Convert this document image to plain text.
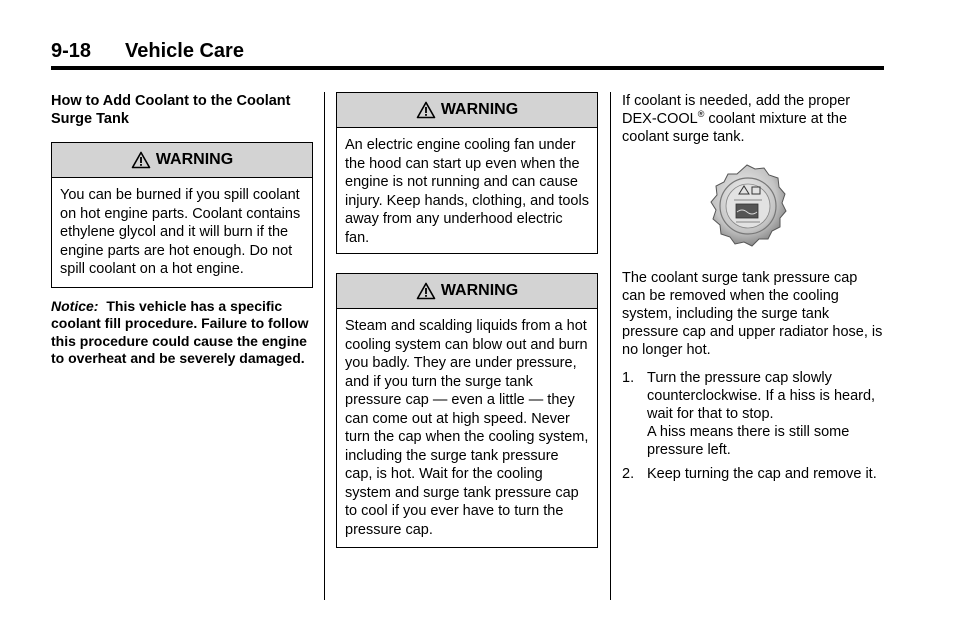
9-18 Vehicle Care
How to Add Coolant to the Coolant Surge Tank
WARNING
You can be burned if you spill coolant on hot engine parts. Coolant contains ethylene glycol and it will burn if the engine parts are hot enough. Do not spill coolant on a hot engine.
Notice: This vehicle has a specific coolant fill procedure. Failure to follow this procedure could cause the engine to overheat and be severely damaged.
WARNING
An electric engine cooling fan under the hood can start up even when the engine is not running and can cause injury. Keep hands, clothing, and tools away from any underhood electric fan.
WARNING
Steam and scalding liquids from a hot cooling system can blow out and burn you badly. They are under pressure, and if you turn the surge tank pressure cap — even a little — they can come out at high speed. Never turn the cap when the cooling system, including the surge tank pressure cap, is hot. Wait for the cooling system and surge tank pressure cap to cool if you ever have to turn the pressure cap.

If coolant is needed, add the proper DEX-COOL® coolant mixture at the coolant surge tank.

The coolant surge tank pressure cap can be removed when the cooling system, including the surge tank pressure cap and upper radiator hose, is no longer hot.

1. Turn the pressure cap slowly counterclockwise. If a hiss is heard, wait for that to stop.
A hiss means there is still some pressure left.
2. Keep turning the cap and remove it.
